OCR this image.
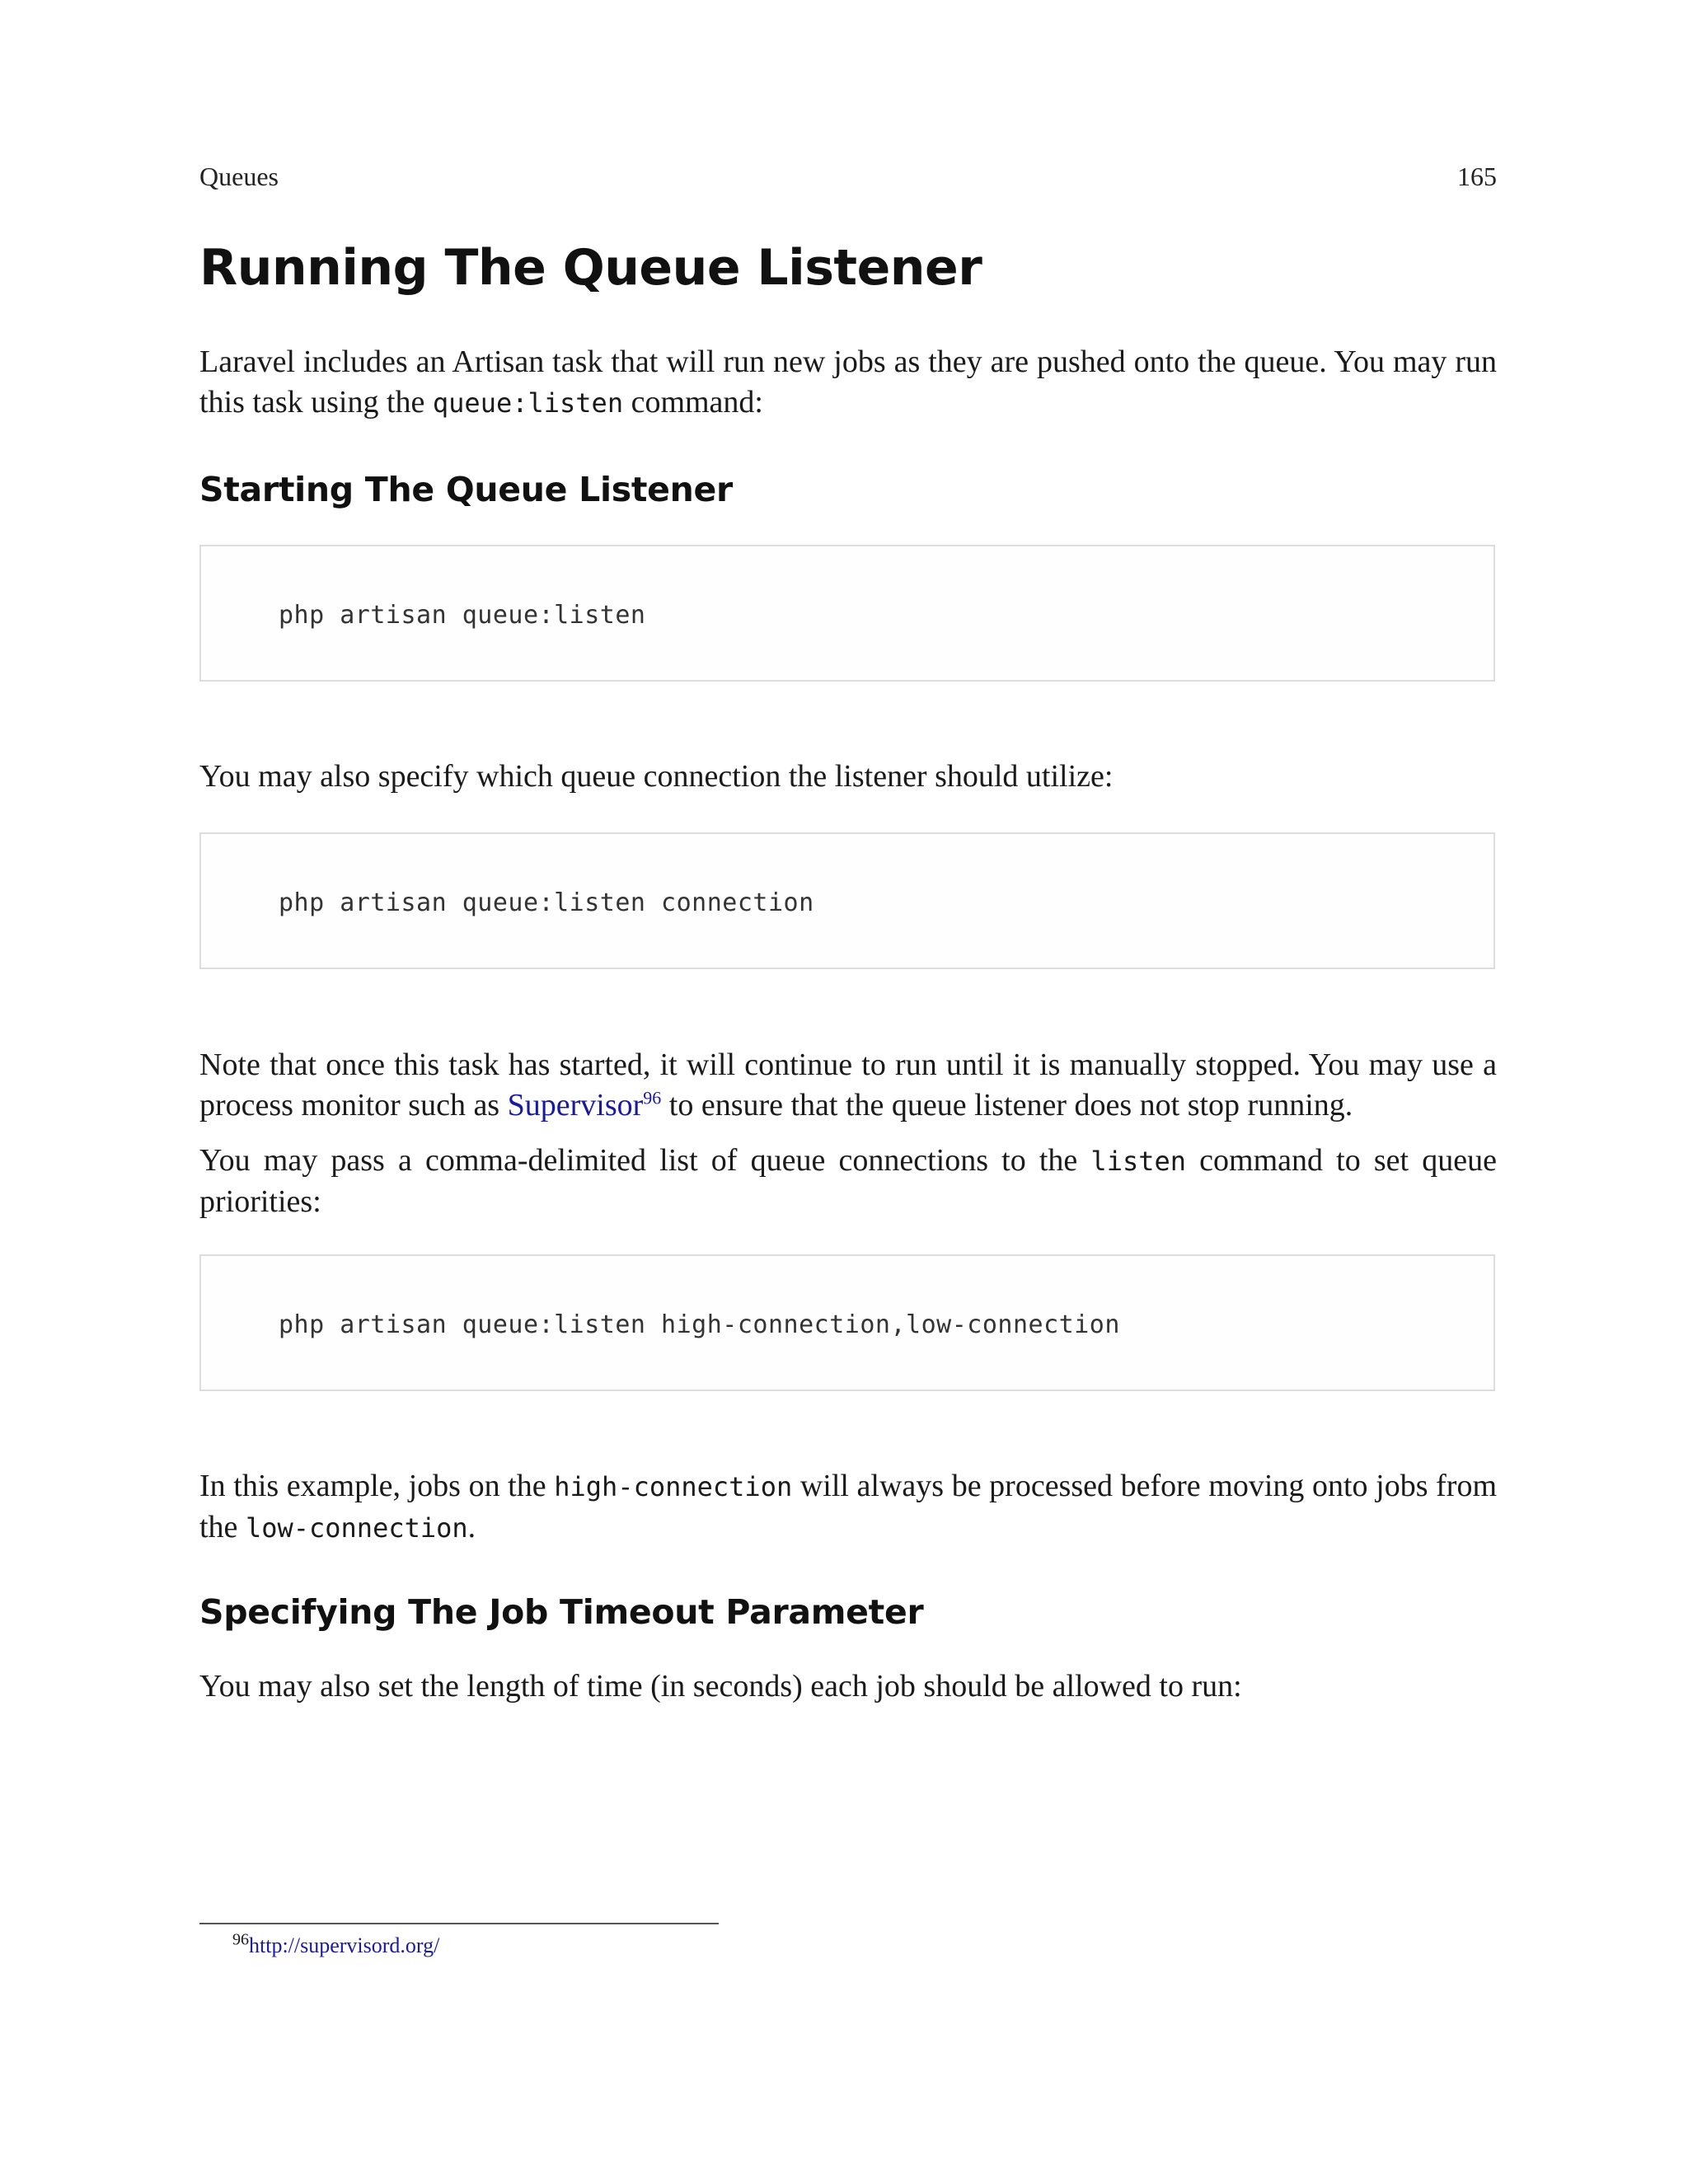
Queues	165
Running The Queue Listener

Laravel includes an Artisan task that will run new jobs as they are pushed onto the queue. You may run this task using the queue:listen command:

Starting The Queue Listener
php artisan queue:listen

You may also specify which queue connection the listener should utilize:

php artisan queue:listen connection

Note that once this task has started, it will continue to run until it is manually stopped. You may use a process monitor such as Supervisor$^{96}$ to ensure that the queue listener does not stop running.

You may pass a comma-delimited list of queue connections to the listen command to set queue priorities:

php artisan queue:listen high-connection,low-connection

In this example, jobs on the high-connection will always be processed before moving onto jobs from the low-connection.

Specifying The Job Timeout Parameter

You may also set the length of time (in seconds) each job should be allowed to run:

$^{96}$http://supervisord.org/
